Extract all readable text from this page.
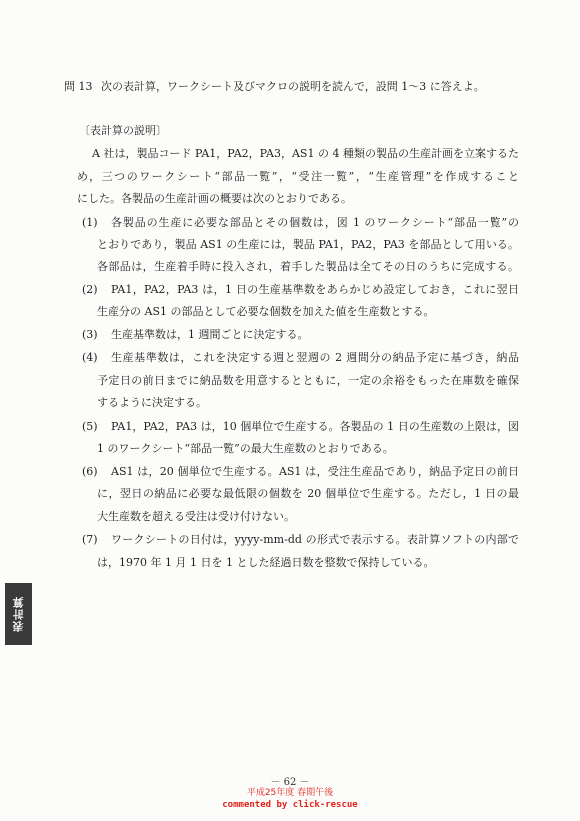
問 13 次の表計算，ワークシート及びマクロの説明を読んで，設問 1～3 に答えよ。
〔表計算の説明〕
A 社は，製品コード PA1，PA2，PA3，AS1 の 4 種類の製品の生産計画を立案するた
め，三つのワークシート“部品一覧”，“受注一覧”，“生産管理”を作成すること
にした。各製品の生産計画の概要は次のとおりである。
(1) 各製品の生産に必要な部品とその個数は，図 1 のワークシート“部品一覧”の
とおりであり，製品 AS1 の生産には，製品 PA1，PA2，PA3 を部品として用いる。
各部品は，生産着手時に投入され，着手した製品は全てその日のうちに完成する。
(2) PA1，PA2，PA3 は，1 日の生産基準数をあらかじめ設定しておき，これに翌日
生産分の AS1 の部品として必要な個数を加えた値を生産数とする。
(3) 生産基準数は，1 週間ごとに決定する。
(4) 生産基準数は，これを決定する週と翌週の 2 週間分の納品予定に基づき，納品
予定日の前日までに納品数を用意するとともに，一定の余裕をもった在庫数を確保
するように決定する。
(5) PA1，PA2，PA3 は，10 個単位で生産する。各製品の 1 日の生産数の上限は，図
1 のワークシート“部品一覧”の最大生産数のとおりである。
(6) AS1 は，20 個単位で生産する。AS1 は，受注生産品であり，納品予定日の前日
に，翌日の納品に必要な最低限の個数を 20 個単位で生産する。ただし，1 日の最
大生産数を超える受注は受け付けない。
(7) ワークシートの日付は，yyyy-mm-dd の形式で表示する。表計算ソフトの内部で
は，1970 年 1 月 1 日を 1 とした経過日数を整数で保持している。
表計算
－ 62 －
平成25年度 春期午後
commented by click-rescue
